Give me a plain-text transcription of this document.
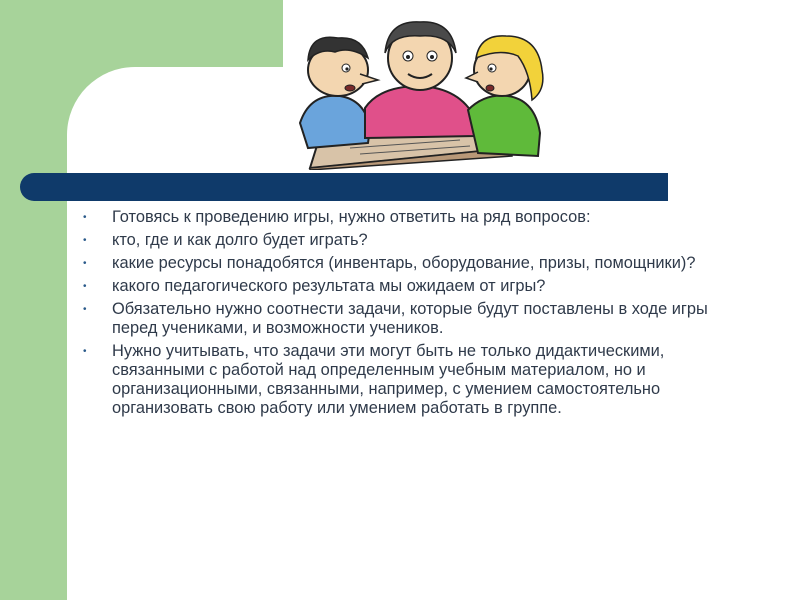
• Готовясь к проведению игры, нужно ответить на ряд вопросов:
• кто, где и как долго будет играть?
• какие ресурсы понадобятся (инвентарь, оборудование, призы, помощники)?
• какого педагогического результата мы ожидаем от игры?
• Обязательно нужно соотнести задачи, которые будут поставлены в ходе игры перед учениками, и возможности учеников.
• Нужно учитывать, что задачи эти могут быть не только дидактическими, связанными с работой над определенным учебным материалом, но и организационными, связанными, например, с умением самостоятельно организовать свою работу или умением работать в группе.
